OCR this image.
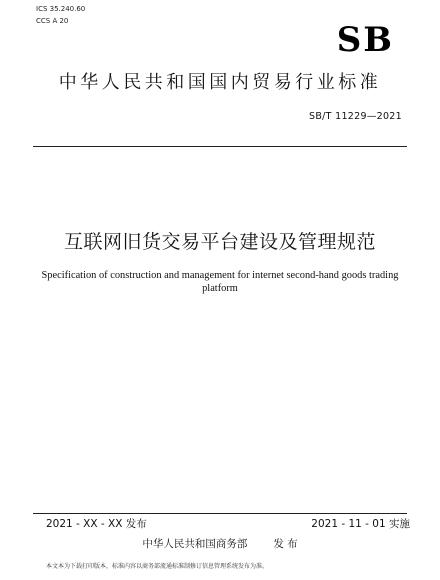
ICS 35.240.60

CCS A 20	SB

中华人民共和国国内贸易行业标准

SB/T 11229—2021

互联网旧货交易平台建设及管理规范

Specification of construction and management for internet second-hand goods trading platform

2021 - XX - XX 发布	2021 - 11 - 01 实施

中华人民共和国商务部 发 布

本文本为下载打印版本，标准内容以商务部流通标准制修订信息管理系统发布为准。
